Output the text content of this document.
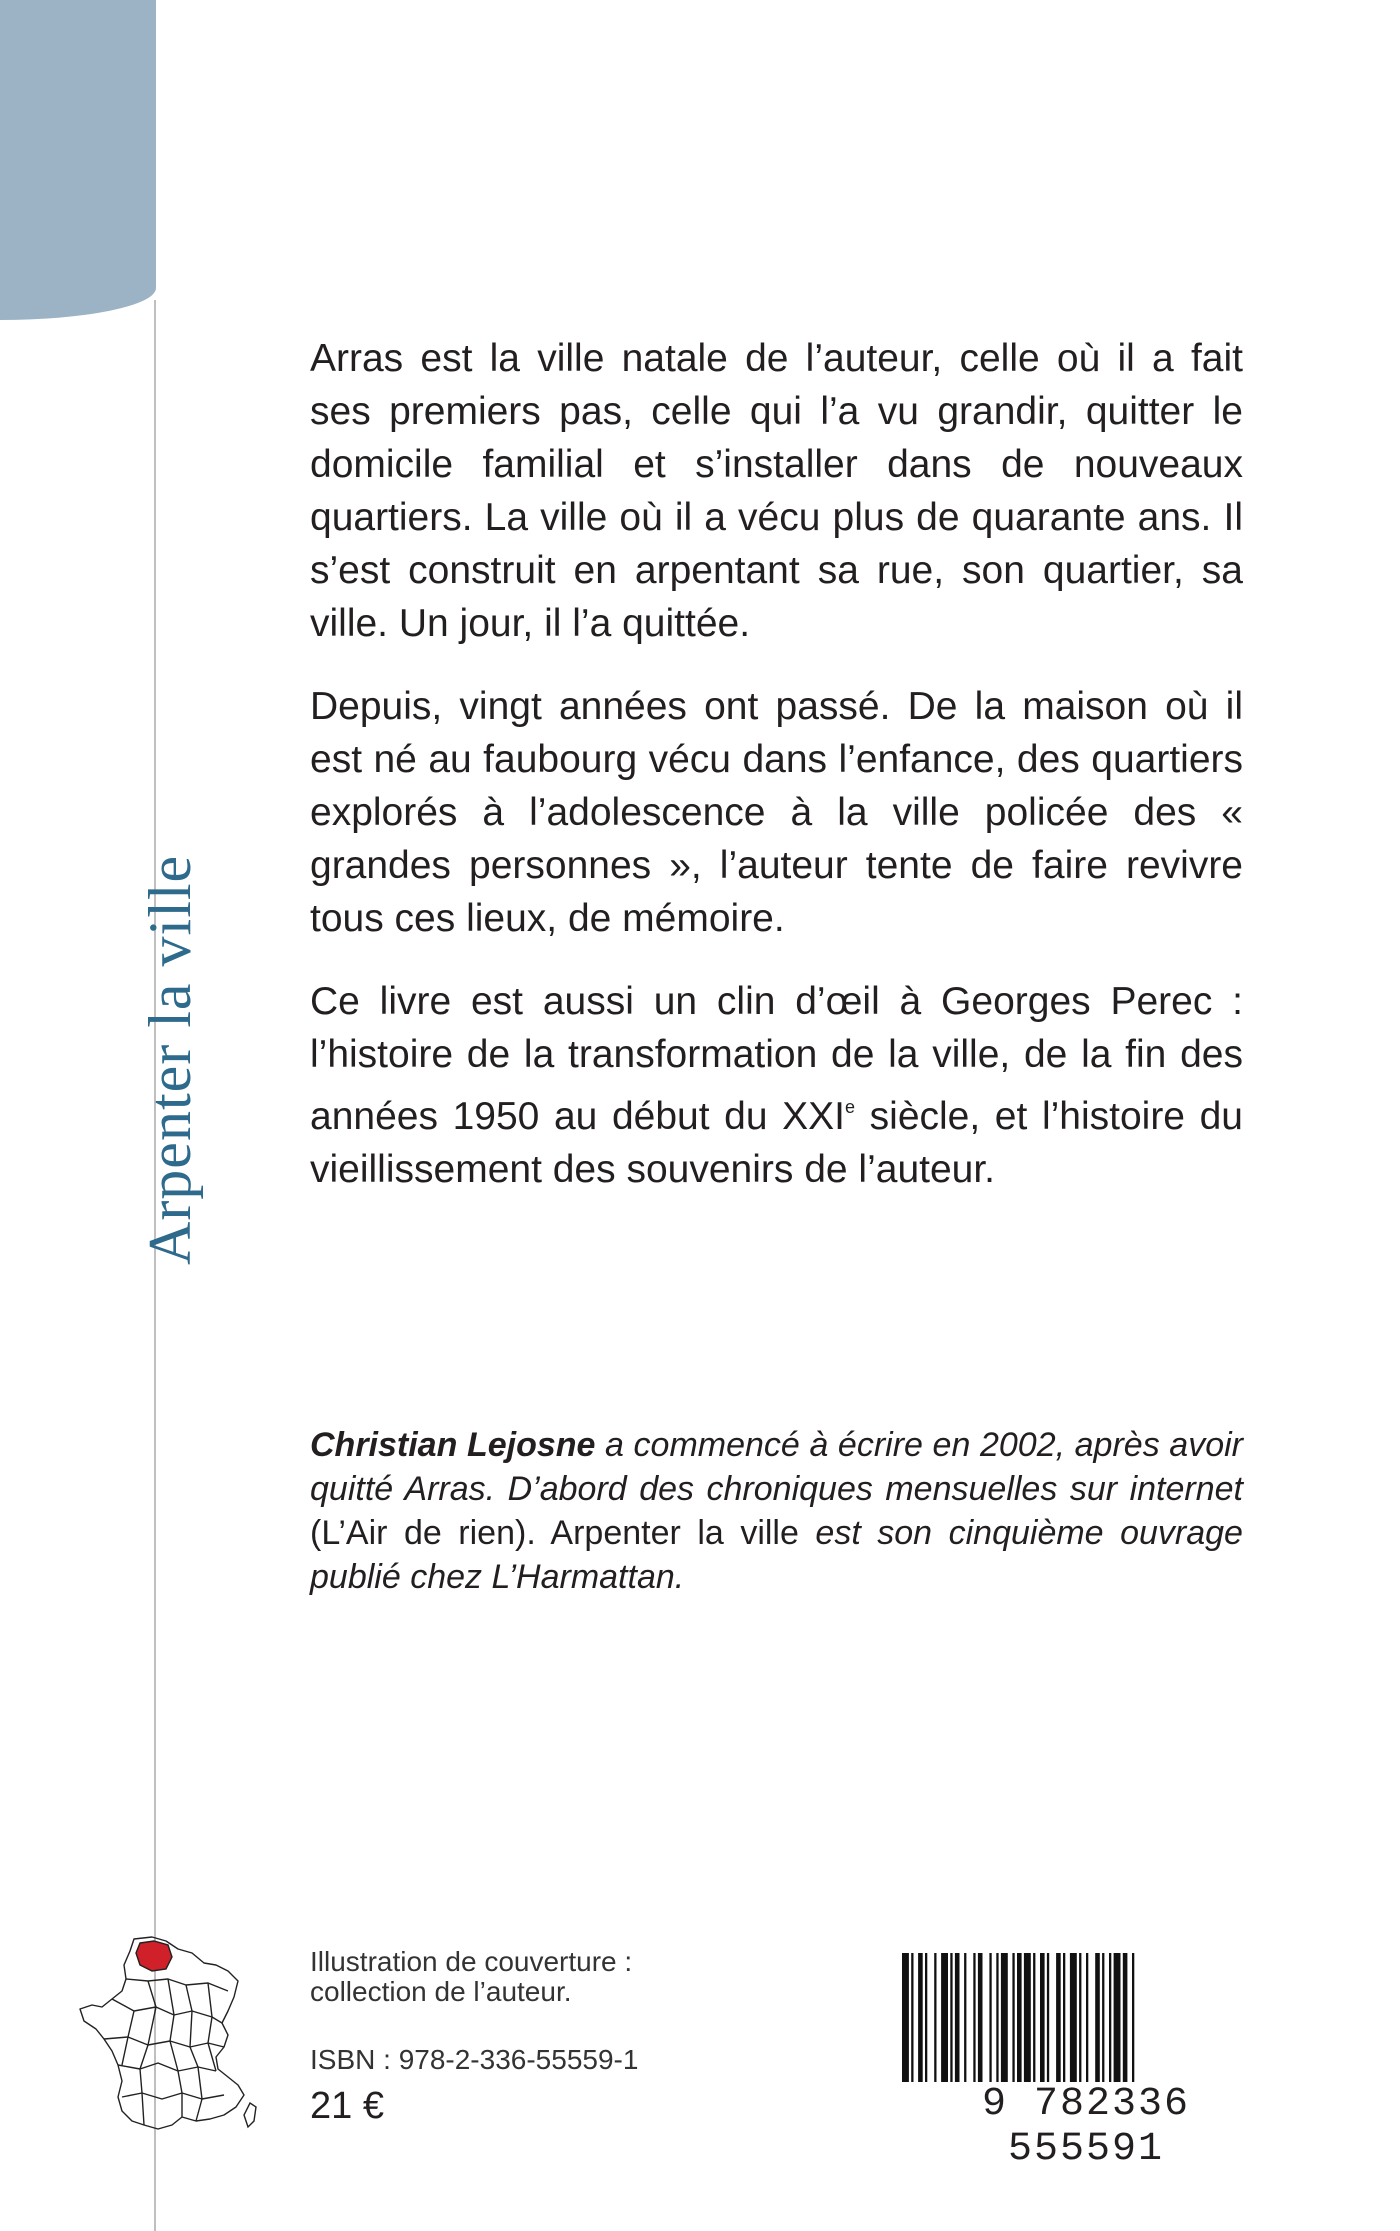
Arpenter la ville

Arras est la ville natale de l’auteur, celle où il a fait ses premiers pas, celle qui l’a vu grandir, quitter le domicile familial et s’installer dans de nouveaux quartiers. La ville où il a vécu plus de quarante ans. Il s’est construit en arpentant sa rue, son quartier, sa ville. Un jour, il l’a quittée.

Depuis, vingt années ont passé. De la maison où il est né au faubourg vécu dans l’enfance, des quartiers explorés à l’adolescence à la ville policée des « grandes personnes », l’auteur tente de faire revivre tous ces lieux, de mémoire.

Ce livre est aussi un clin d’œil à Georges Perec : l’histoire de la transformation de la ville, de la fin des années 1950 au début du XXIe siècle, et l’histoire du vieillissement des souvenirs de l’auteur.

Christian Lejosne a commencé à écrire en 2002, après avoir quitté Arras. D’abord des chroniques mensuelles sur internet (L’Air de rien). Arpenter la ville est son cinquième ouvrage publié chez L’Harmattan.
Illustration de couverture :
collection de l’auteur.
ISBN : 978-2-336-55559-1
21 €	9 782336 555591
